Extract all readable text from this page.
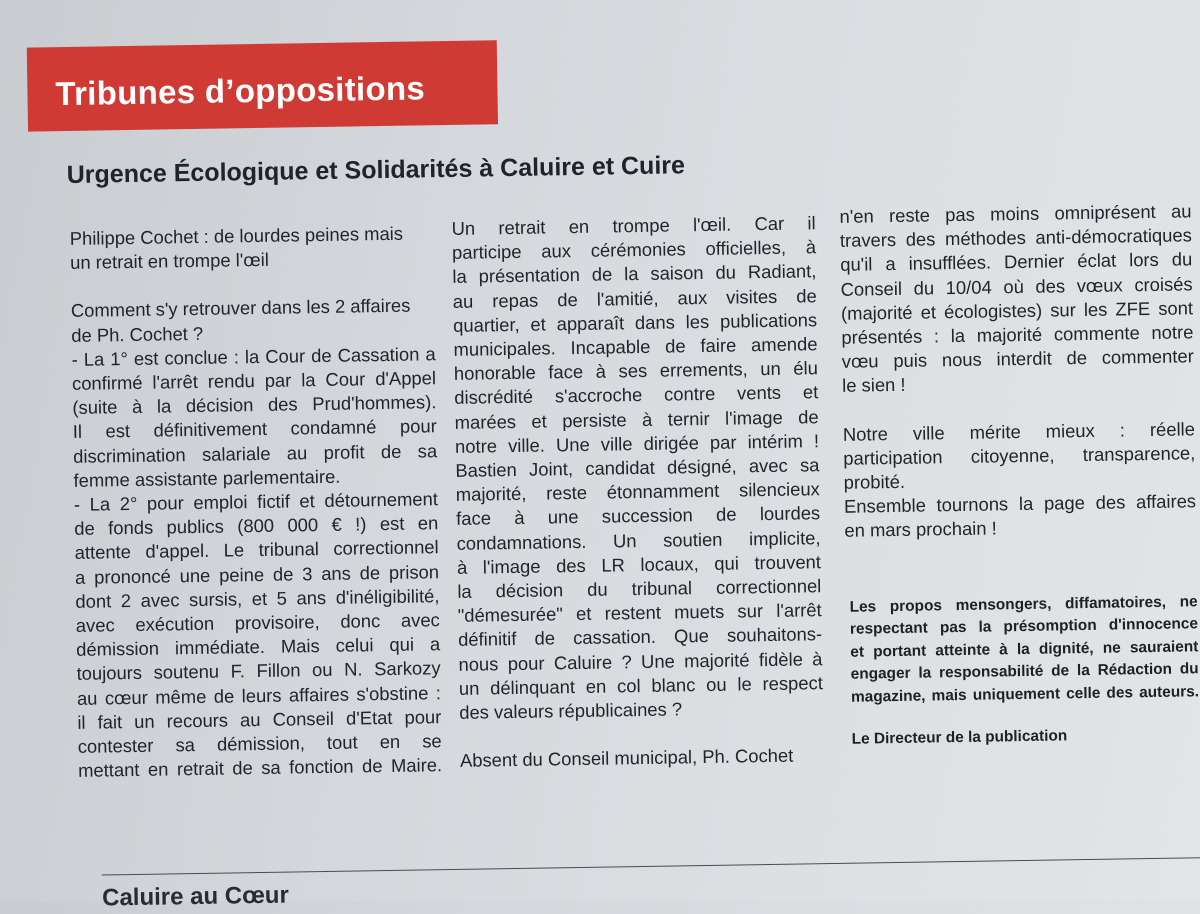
Tribunes d’oppositions
Urgence Écologique et Solidarités à Caluire et Cuire

Philippe Cochet : de lourdes peines mais

un retrait en trompe l'œil

Comment s'y retrouver dans les 2 affaires

de Ph. Cochet ?

- La 1° est conclue : la Cour de Cassation a

confirmé l'arrêt rendu par la Cour d'Appel

(suite à la décision des Prud'hommes).

Il est définitivement condamné pour

discrimination salariale au profit de sa

femme assistante parlementaire.

- La 2° pour emploi fictif et détournement

de fonds publics (800 000 € !) est en

attente d'appel. Le tribunal correctionnel

a prononcé une peine de 3 ans de prison

dont 2 avec sursis, et 5 ans d'inéligibilité,

avec exécution provisoire, donc avec

démission immédiate. Mais celui qui a

toujours soutenu F. Fillon ou N. Sarkozy

au cœur même de leurs affaires s'obstine :

il fait un recours au Conseil d'Etat pour

contester sa démission, tout en se

mettant en retrait de sa fonction de Maire.

Un retrait en trompe l'œil. Car il

participe aux cérémonies officielles, à

la présentation de la saison du Radiant,

au repas de l'amitié, aux visites de

quartier, et apparaît dans les publications

municipales. Incapable de faire amende

honorable face à ses errements, un élu

discrédité s'accroche contre vents et

marées et persiste à ternir l'image de

notre ville. Une ville dirigée par intérim !

Bastien Joint, candidat désigné, avec sa

majorité, reste étonnamment silencieux

face à une succession de lourdes

condamnations. Un soutien implicite,

à l'image des LR locaux, qui trouvent

la décision du tribunal correctionnel

"démesurée" et restent muets sur l'arrêt

définitif de cassation. Que souhaitons-

nous pour Caluire ? Une majorité fidèle à

un délinquant en col blanc ou le respect

des valeurs républicaines ?

Absent du Conseil municipal, Ph. Cochet

n'en reste pas moins omniprésent au

travers des méthodes anti-démocratiques

qu'il a insufflées. Dernier éclat lors du

Conseil du 10/04 où des vœux croisés

(majorité et écologistes) sur les ZFE sont

présentés : la majorité commente notre

vœu puis nous interdit de commenter

le sien !

Notre ville mérite mieux : réelle

participation citoyenne, transparence,

probité.

Ensemble tournons la page des affaires

en mars prochain !

Les propos mensongers, diffamatoires, ne
respectant pas la présomption d'innocence
et portant atteinte à la dignité, ne sauraient
engager la responsabilité de la Rédaction du
magazine, mais uniquement celle des auteurs.
Le Directeur de la publication
Caluire au Cœur
